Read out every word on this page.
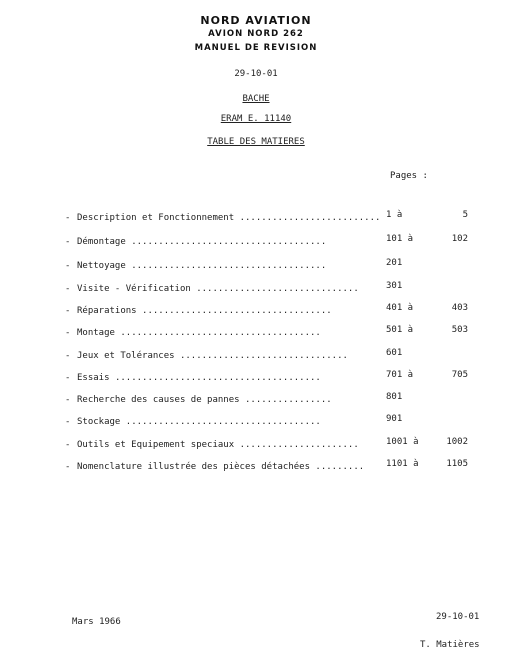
NORD AVIATION
AVION NORD 262
MANUEL DE REVISION
29-10-01
BACHE
ERAM E. 11140
TABLE DES MATIERES
Pages :
- Description et Fonctionnement .......................... 1 à	5
- Démontage ....................................	101 à	102
- Nettoyage ....................................	201
- Visite - Vérification ..............................	301
- Réparations ...................................	401 à	403
- Montage .....................................	501 à	503
- Jeux et Tolérances ...............................	601
- Essais ......................................	701 à	705
- Recherche des causes de pannes ................	801
- Stockage ....................................	901
- Outils et Equipement speciaux ......................	1001 à	1002
- Nomenclature illustrée des pièces détachées ......... 1101 à	1105
Mars 1966	29-10-01
T. Matières
